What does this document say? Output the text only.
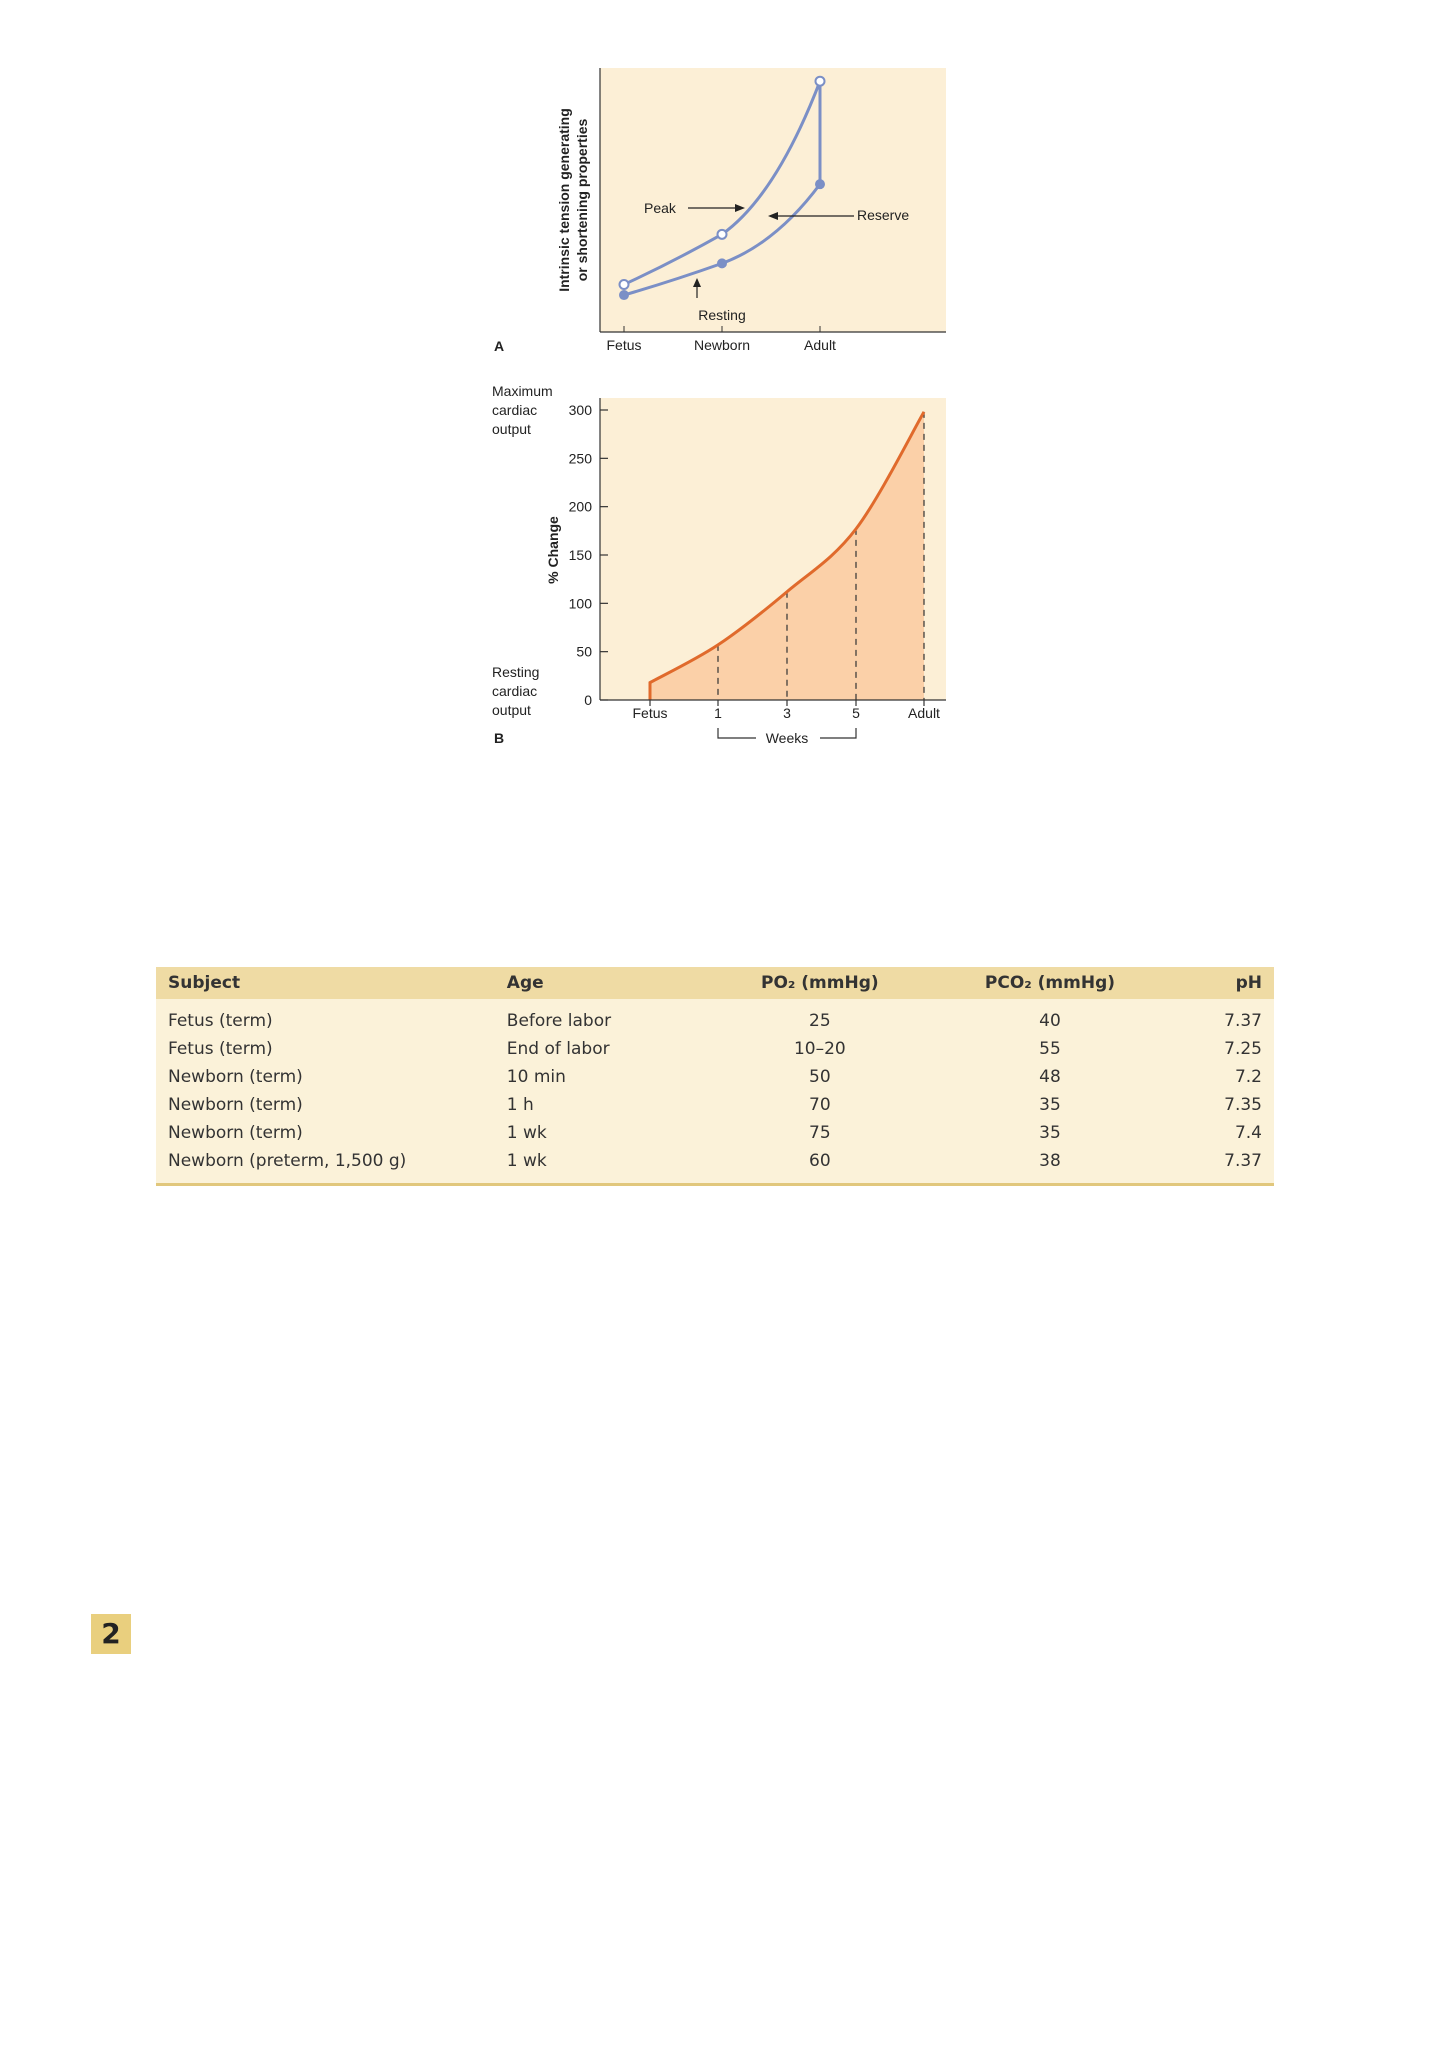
Intrinsic tension generating or shortening properties
Fetus	Newborn	Adult
A
Peak	Reserve
Resting
0
50
100
150
200
250
300
Fetus	1	3	5	Adult
% Change
Maximum
cardiac
output
Resting
cardiac
output
B	Weeks
Subject	Age	PO₂ (mmHg)	PCO₂ (mmHg)	pH
Fetus (term)	Before labor	25	40	7.37
Fetus (term)	End of labor	10–20	55	7.25
Newborn (term)	10 min	50	48	7.2
Newborn (term)	1 h	70	35	7.35
Newborn (term)	1 wk	75	35	7.4
Newborn (preterm, 1,500 g)	1 wk	60	38	7.37
2
